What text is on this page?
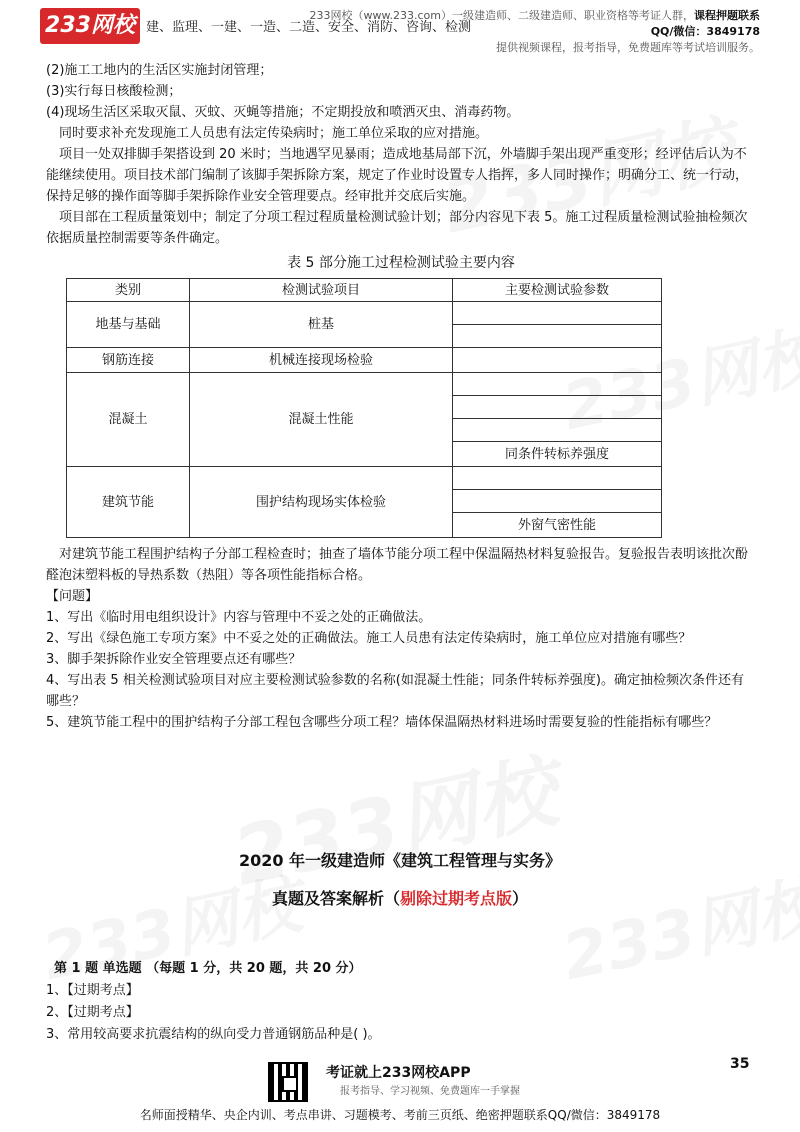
233网校 建、监理、一建、一造、二造、安全、消防、咨询、检测
233网校（www.233.com）一级建造师、二级建造师、职业资格等考证人群，课程押题联系QQ/微信：3849178
提供视频课程，报考指导，免费题库等考试培训服务。

(2)施工工地内的生活区实施封闭管理；

(3)实行每日核酸检测；

(4)现场生活区采取灭鼠、灭蚊、灭蝇等措施；不定期投放和喷洒灭虫、消毒药物。

同时要求补充发现施工人员患有法定传染病时；施工单位采取的应对措施。

项目一处双排脚手架搭设到 20 米时；当地遇罕见暴雨；造成地基局部下沉，外墙脚手架出现严重变形；经评估后认为不能继续使用。项目技术部门编制了该脚手架拆除方案，规定了作业时设置专人指挥，多人同时操作；明确分工、统一行动，保持足够的操作面等脚手架拆除作业安全管理要点。经审批并交底后实施。

项目部在工程质量策划中；制定了分项工程过程质量检测试验计划；部分内容见下表 5。施工过程质量检测试验抽检频次依据质量控制需要等条件确定。

表 5 部分施工过程检测试验主要内容
类别	检测试验项目	主要检测试验参数
地基与基础	桩基	

钢筋连接	机械连接现场检验	
混凝土	混凝土性能	

		同条件转标养强度
建筑节能	围护结构现场实体检验	

		外窗气密性能

对建筑节能工程围护结构子分部工程检查时；抽查了墙体节能分项工程中保温隔热材料复验报告。复验报告表明该批次酚醛泡沫塑料板的导热系数（热阻）等各项性能指标合格。

【问题】

1、写出《临时用电组织设计》内容与管理中不妥之处的正确做法。

2、写出《绿色施工专项方案》中不妥之处的正确做法。施工人员患有法定传染病时，施工单位应对措施有哪些？

3、脚手架拆除作业安全管理要点还有哪些？

4、写出表 5 相关检测试验项目对应主要检测试验参数的名称(如混凝土性能；同条件转标养强度)。确定抽检频次条件还有哪些？

5、建筑节能工程中的围护结构子分部工程包含哪些分项工程？墙体保温隔热材料进场时需要复验的性能指标有哪些？

2020 年一级建造师《建筑工程管理与实务》
真题及答案解析（剔除过期考点版）

第 1 题 单选题 （每题 1 分，共 20 题，共 20 分）

1、【过期考点】

2、【过期考点】

3、常用较高要求抗震结构的纵向受力普通钢筋品种是( )。

35
考证就上233网校APP
报考指导、学习视频、免费题库一手掌握
名师面授精华、央企内训、考点串讲、习题模考、考前三页纸、绝密押题联系QQ/微信：3849178
